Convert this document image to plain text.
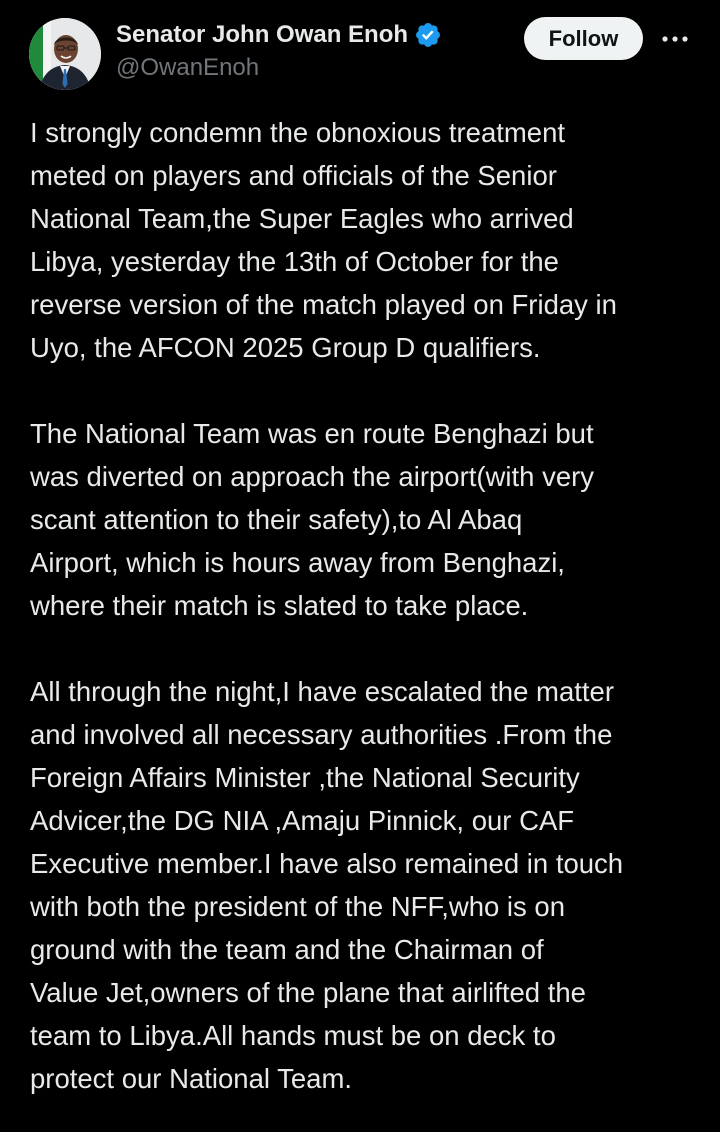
Senator John Owan Enoh
@OwanEnoh
Follow

I strongly condemn the obnoxious treatment
meted on players and officials of the Senior
National Team,the Super Eagles who arrived
Libya, yesterday the 13th of October for the
reverse version of the match played on Friday in
Uyo, the AFCON 2025 Group D qualifiers.

The National Team was en route Benghazi but
was diverted on approach the airport(with very
scant attention to their safety),to Al Abaq
Airport, which is hours away from Benghazi,
where their match is slated to take place.

All through the night,I have escalated the matter
and involved all necessary authorities .From the
Foreign Affairs Minister ,the National Security
Advicer,the DG NIA ,Amaju Pinnick, our CAF
Executive member.I have also remained in touch
with both the president of the NFF,who is on
ground with the team and the Chairman of
Value Jet,owners of the plane that airlifted the
team to Libya.All hands must be on deck to
protect our National Team.
